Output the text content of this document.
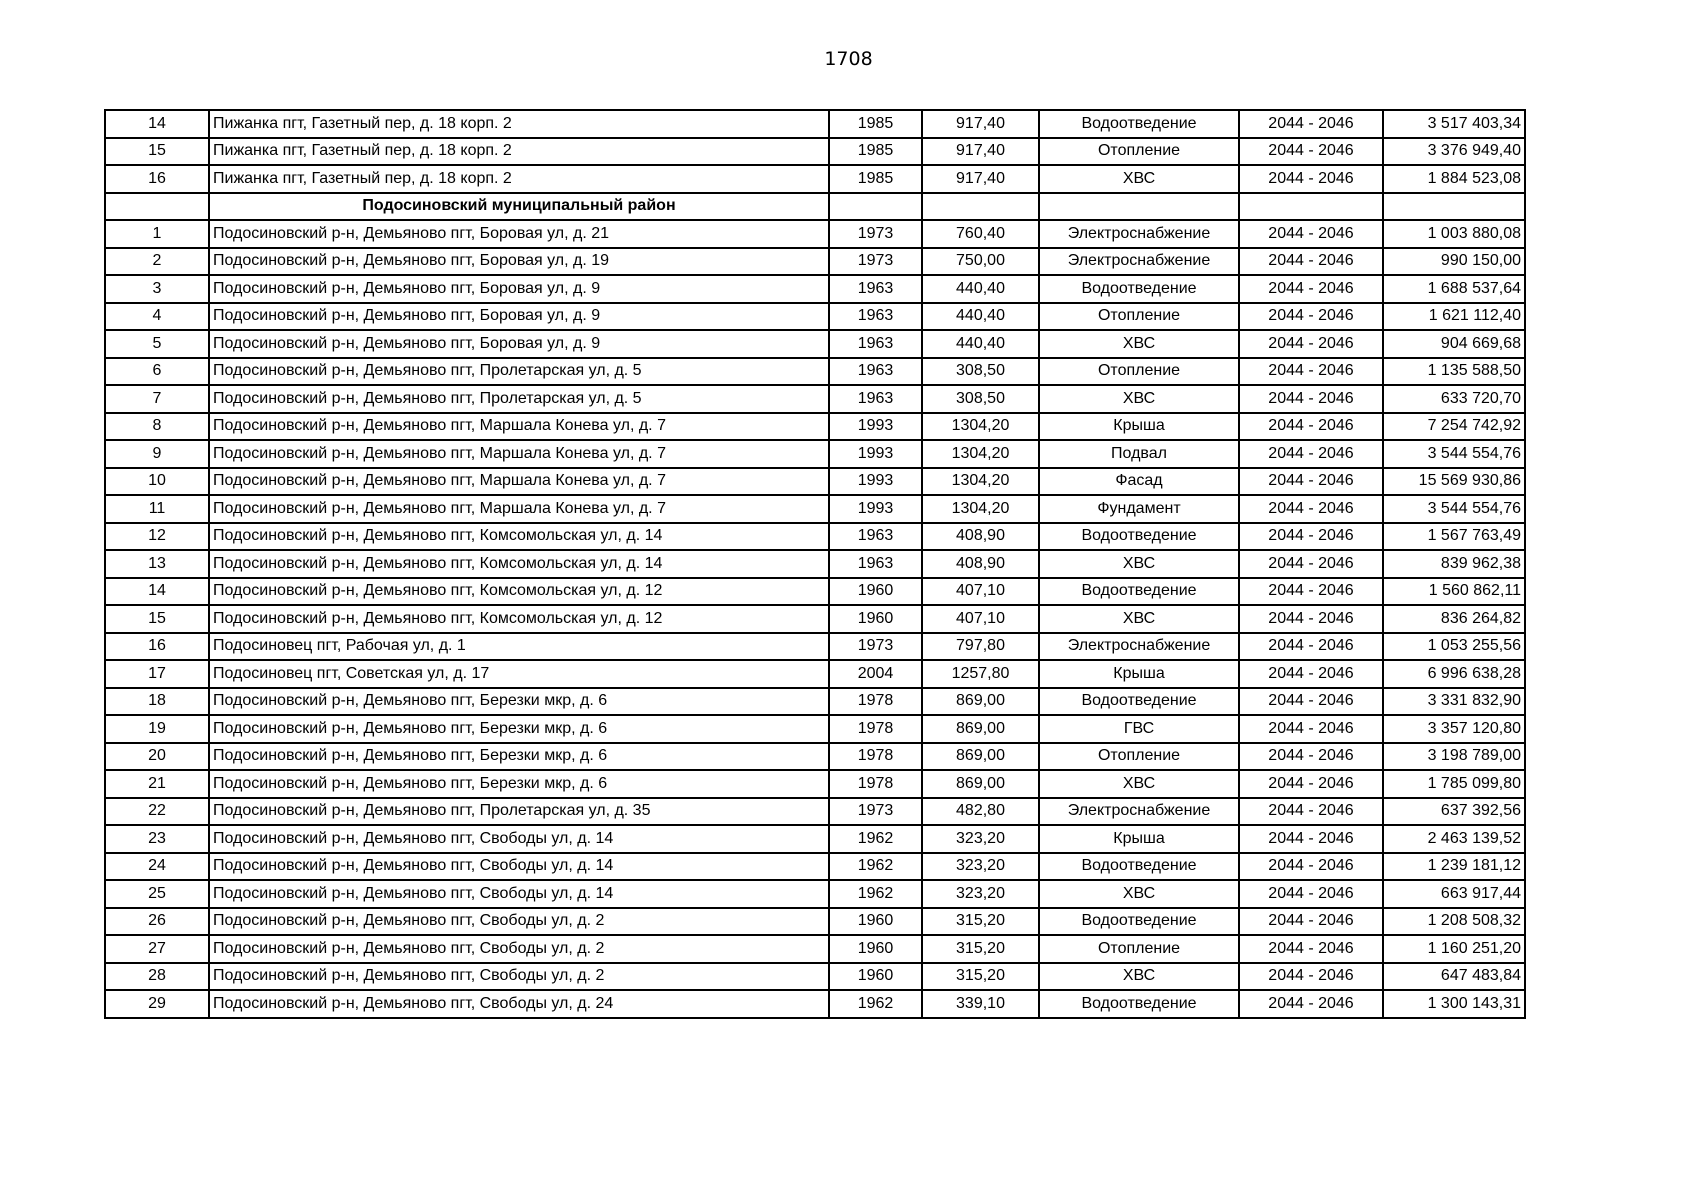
1708
14	Пижанка пгт, Газетный пер, д. 18 корп. 2	1985	917,40	Водоотведение	2044 - 2046	3 517 403,34
15	Пижанка пгт, Газетный пер, д. 18 корп. 2	1985	917,40	Отопление	2044 - 2046	3 376 949,40
16	Пижанка пгт, Газетный пер, д. 18 корп. 2	1985	917,40	ХВС	2044 - 2046	1 884 523,08
	Подосиновский муниципальный район					
1	Подосиновский р-н, Демьяново пгт, Боровая ул, д. 21	1973	760,40	Электроснабжение	2044 - 2046	1 003 880,08
2	Подосиновский р-н, Демьяново пгт, Боровая ул, д. 19	1973	750,00	Электроснабжение	2044 - 2046	990 150,00
3	Подосиновский р-н, Демьяново пгт, Боровая ул, д. 9	1963	440,40	Водоотведение	2044 - 2046	1 688 537,64
4	Подосиновский р-н, Демьяново пгт, Боровая ул, д. 9	1963	440,40	Отопление	2044 - 2046	1 621 112,40
5	Подосиновский р-н, Демьяново пгт, Боровая ул, д. 9	1963	440,40	ХВС	2044 - 2046	904 669,68
6	Подосиновский р-н, Демьяново пгт, Пролетарская ул, д. 5	1963	308,50	Отопление	2044 - 2046	1 135 588,50
7	Подосиновский р-н, Демьяново пгт, Пролетарская ул, д. 5	1963	308,50	ХВС	2044 - 2046	633 720,70
8	Подосиновский р-н, Демьяново пгт, Маршала Конева ул, д. 7	1993	1304,20	Крыша	2044 - 2046	7 254 742,92
9	Подосиновский р-н, Демьяново пгт, Маршала Конева ул, д. 7	1993	1304,20	Подвал	2044 - 2046	3 544 554,76
10	Подосиновский р-н, Демьяново пгт, Маршала Конева ул, д. 7	1993	1304,20	Фасад	2044 - 2046	15 569 930,86
11	Подосиновский р-н, Демьяново пгт, Маршала Конева ул, д. 7	1993	1304,20	Фундамент	2044 - 2046	3 544 554,76
12	Подосиновский р-н, Демьяново пгт, Комсомольская ул, д. 14	1963	408,90	Водоотведение	2044 - 2046	1 567 763,49
13	Подосиновский р-н, Демьяново пгт, Комсомольская ул, д. 14	1963	408,90	ХВС	2044 - 2046	839 962,38
14	Подосиновский р-н, Демьяново пгт, Комсомольская ул, д. 12	1960	407,10	Водоотведение	2044 - 2046	1 560 862,11
15	Подосиновский р-н, Демьяново пгт, Комсомольская ул, д. 12	1960	407,10	ХВС	2044 - 2046	836 264,82
16	Подосиновец пгт, Рабочая ул, д. 1	1973	797,80	Электроснабжение	2044 - 2046	1 053 255,56
17	Подосиновец пгт, Советская ул, д. 17	2004	1257,80	Крыша	2044 - 2046	6 996 638,28
18	Подосиновский р-н, Демьяново пгт, Березки мкр, д. 6	1978	869,00	Водоотведение	2044 - 2046	3 331 832,90
19	Подосиновский р-н, Демьяново пгт, Березки мкр, д. 6	1978	869,00	ГВС	2044 - 2046	3 357 120,80
20	Подосиновский р-н, Демьяново пгт, Березки мкр, д. 6	1978	869,00	Отопление	2044 - 2046	3 198 789,00
21	Подосиновский р-н, Демьяново пгт, Березки мкр, д. 6	1978	869,00	ХВС	2044 - 2046	1 785 099,80
22	Подосиновский р-н, Демьяново пгт, Пролетарская ул, д. 35	1973	482,80	Электроснабжение	2044 - 2046	637 392,56
23	Подосиновский р-н, Демьяново пгт, Свободы ул, д. 14	1962	323,20	Крыша	2044 - 2046	2 463 139,52
24	Подосиновский р-н, Демьяново пгт, Свободы ул, д. 14	1962	323,20	Водоотведение	2044 - 2046	1 239 181,12
25	Подосиновский р-н, Демьяново пгт, Свободы ул, д. 14	1962	323,20	ХВС	2044 - 2046	663 917,44
26	Подосиновский р-н, Демьяново пгт, Свободы ул, д. 2	1960	315,20	Водоотведение	2044 - 2046	1 208 508,32
27	Подосиновский р-н, Демьяново пгт, Свободы ул, д. 2	1960	315,20	Отопление	2044 - 2046	1 160 251,20
28	Подосиновский р-н, Демьяново пгт, Свободы ул, д. 2	1960	315,20	ХВС	2044 - 2046	647 483,84
29	Подосиновский р-н, Демьяново пгт, Свободы ул, д. 24	1962	339,10	Водоотведение	2044 - 2046	1 300 143,31
